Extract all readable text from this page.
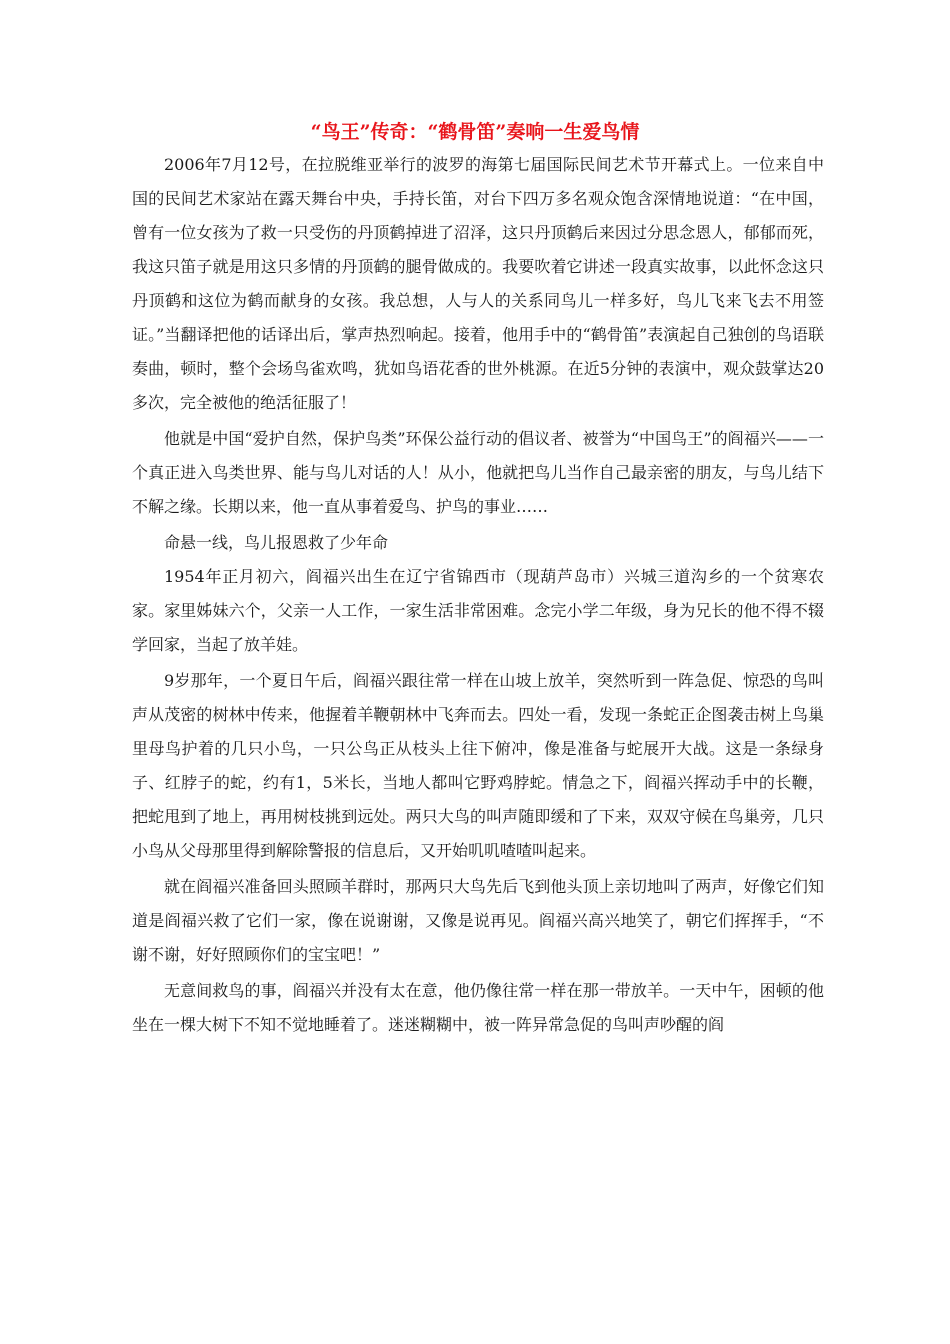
“鸟王”传奇：“鹤骨笛”奏响一生爱鸟情

2006年7月12号，在拉脱维亚举行的波罗的海第七届国际民间艺术节开幕式上。一位来自中国的民间艺术家站在露天舞台中央，手持长笛，对台下四万多名观众饱含深情地说道：“在中国，曾有一位女孩为了救一只受伤的丹顶鹤掉进了沼泽，这只丹顶鹤后来因过分思念恩人，郁郁而死，我这只笛子就是用这只多情的丹顶鹤的腿骨做成的。我要吹着它讲述一段真实故事，以此怀念这只丹顶鹤和这位为鹤而献身的女孩。我总想，人与人的关系同鸟儿一样多好，鸟儿飞来飞去不用签证。”当翻译把他的话译出后，掌声热烈响起。接着，他用手中的“鹤骨笛”表演起自己独创的鸟语联奏曲，顿时，整个会场鸟雀欢鸣，犹如鸟语花香的世外桃源。在近5分钟的表演中，观众鼓掌达20多次，完全被他的绝活征服了！

他就是中国“爱护自然，保护鸟类”环保公益行动的倡议者、被誉为“中国鸟王”的阎福兴——一个真正进入鸟类世界、能与鸟儿对话的人！从小，他就把鸟儿当作自己最亲密的朋友，与鸟儿结下不解之缘。长期以来，他一直从事着爱鸟、护鸟的事业……

命悬一线，鸟儿报恩救了少年命

1954年正月初六，阎福兴出生在辽宁省锦西市（现葫芦岛市）兴城三道沟乡的一个贫寒农家。家里姊妹六个，父亲一人工作，一家生活非常困难。念完小学二年级，身为兄长的他不得不辍学回家，当起了放羊娃。

9岁那年，一个夏日午后，阎福兴跟往常一样在山坡上放羊，突然听到一阵急促、惊恐的鸟叫声从茂密的树林中传来，他握着羊鞭朝林中飞奔而去。四处一看，发现一条蛇正企图袭击树上鸟巢里母鸟护着的几只小鸟，一只公鸟正从枝头上往下俯冲，像是准备与蛇展开大战。这是一条绿身子、红脖子的蛇，约有1，5米长，当地人都叫它野鸡脖蛇。情急之下，阎福兴挥动手中的长鞭，把蛇甩到了地上，再用树枝挑到远处。两只大鸟的叫声随即缓和了下来，双双守候在鸟巢旁，几只小鸟从父母那里得到解除警报的信息后，又开始叽叽喳喳叫起来。

就在阎福兴准备回头照顾羊群时，那两只大鸟先后飞到他头顶上亲切地叫了两声，好像它们知道是阎福兴救了它们一家，像在说谢谢，又像是说再见。阎福兴高兴地笑了，朝它们挥挥手，“不谢不谢，好好照顾你们的宝宝吧！”

无意间救鸟的事，阎福兴并没有太在意，他仍像往常一样在那一带放羊。一天中午，困顿的他坐在一棵大树下不知不觉地睡着了。迷迷糊糊中，被一阵异常急促的鸟叫声吵醒的阎
